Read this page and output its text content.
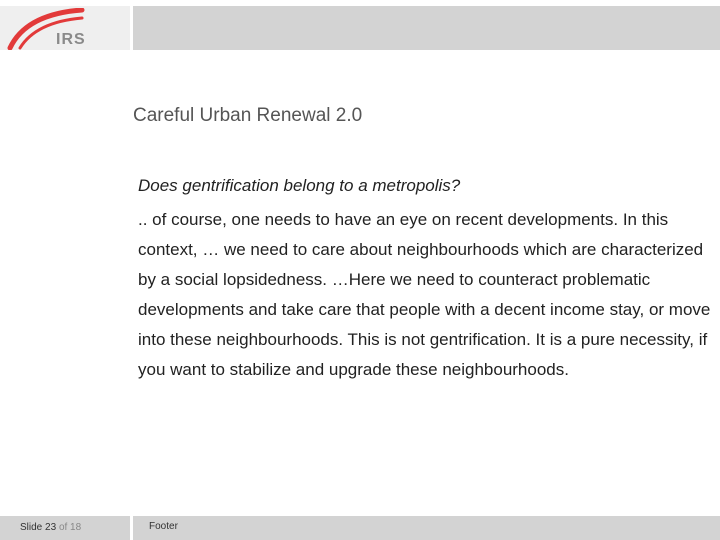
IRS
Careful Urban Renewal 2.0
Does gentrification belong to a metropolis?
.. of course, one needs to have an eye on recent developments. In this context, … we need to care about neighbourhoods which are characterized by a social lopsidedness. …Here we need to counteract problematic developments and take care that people with a decent income stay, or move into these neighbourhoods. This is not gentrification. It is a pure necessity, if you want to stabilize and upgrade these neighbourhoods.
Slide 23 of 18	Footer
